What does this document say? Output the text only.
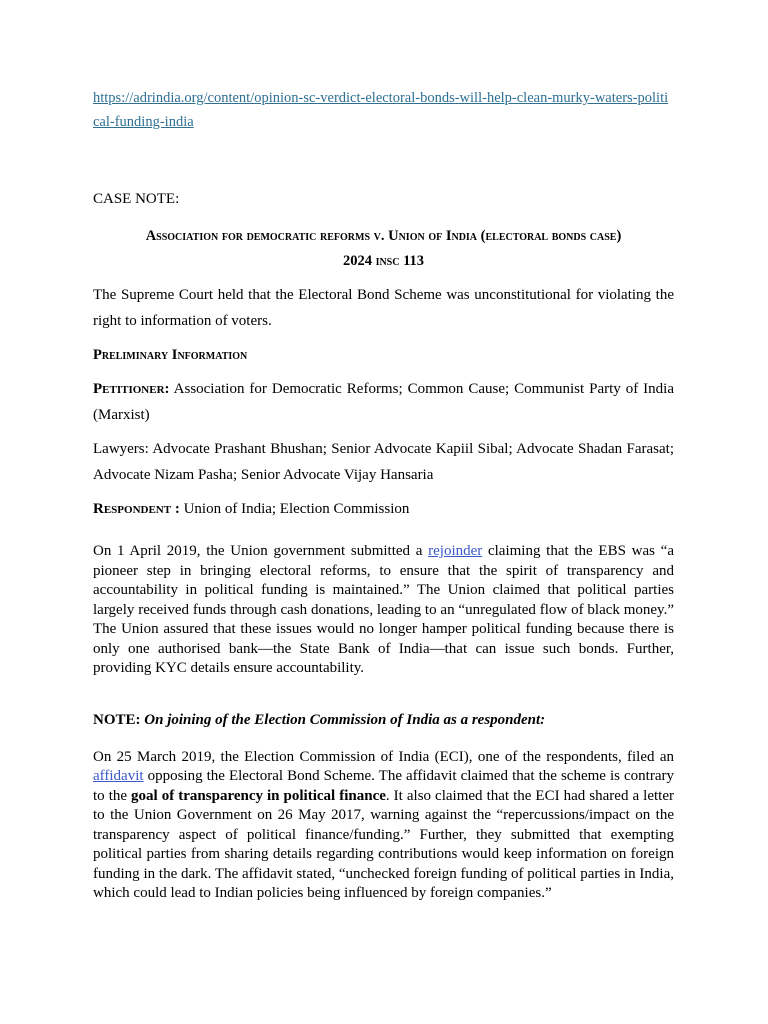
https://adrindia.org/content/opinion-sc-verdict-electoral-bonds-will-help-clean-murky-waters-political-funding-india
CASE NOTE:
Association for democratic reforms v. Union of India (electoral bonds case)
2024 insc 113

The Supreme Court held that the Electoral Bond Scheme was unconstitutional for violating the right to information of voters.

Preliminary Information

Petitioner: Association for Democratic Reforms; Common Cause; Communist Party of India (Marxist)

Lawyers: Advocate Prashant Bhushan; Senior Advocate Kapiil Sibal; Advocate Shadan Farasat; Advocate Nizam Pasha; Senior Advocate Vijay Hansaria

Respondent : Union of India; Election Commission

On 1 April 2019, the Union government submitted a rejoinder claiming that the EBS was “a pioneer step in bringing electoral reforms, to ensure that the spirit of transparency and accountability in political funding is maintained.” The Union claimed that political parties largely received funds through cash donations, leading to an “unregulated flow of black money.” The Union assured that these issues would no longer hamper political funding because there is only one authorised bank—the State Bank of India—that can issue such bonds. Further, providing KYC details ensure accountability.

NOTE: On joining of the Election Commission of India as a respondent:

On 25 March 2019, the Election Commission of India (ECI), one of the respondents, filed an affidavit opposing the Electoral Bond Scheme. The affidavit claimed that the scheme is contrary to the goal of transparency in political finance. It also claimed that the ECI had shared a letter to the Union Government on 26 May 2017, warning against the “repercussions/impact on the transparency aspect of political finance/funding.” Further, they submitted that exempting political parties from sharing details regarding contributions would keep information on foreign funding in the dark. The affidavit stated, “unchecked foreign funding of political parties in India, which could lead to Indian policies being influenced by foreign companies.”
